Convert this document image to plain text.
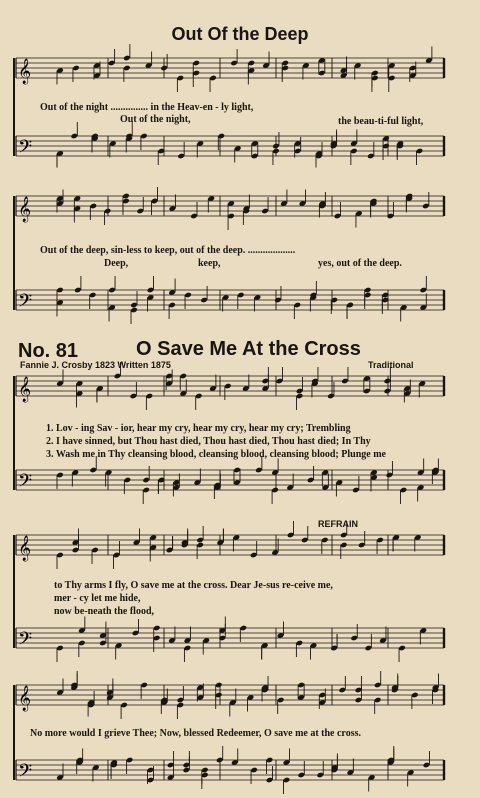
𝄞
𝄢
𝄞
𝄢
𝄞
𝄢
𝄞
𝄢
𝄞
𝄢
Out Of the Deep
Out of the night ............... in the Heav-en - ly light,
Out of the night,	the beau-ti-ful light,
Out of the deep, sin-less to keep, out of the deep. ...................
Deep,	keep,	yes, out of the deep.
No. 81	O Save Me At the Cross
Fannie J. Crosby 1823 Written 1875	Traditional
1. Lov - ing Sav - ior, hear my cry, hear my cry, hear my cry; Trembling
2. I have sinned, but Thou hast died, Thou hast died, Thou hast died; In Thy
3. Wash me in Thy cleansing blood, cleansing blood, cleansing blood; Plunge me
REFRAIN
to Thy arms I fly, O save me at the cross. Dear Je-sus re-ceive me,
mer - cy let me hide,
now be-neath the flood,
No more would I grieve Thee; Now, blessed Redeemer, O save me at the cross.
